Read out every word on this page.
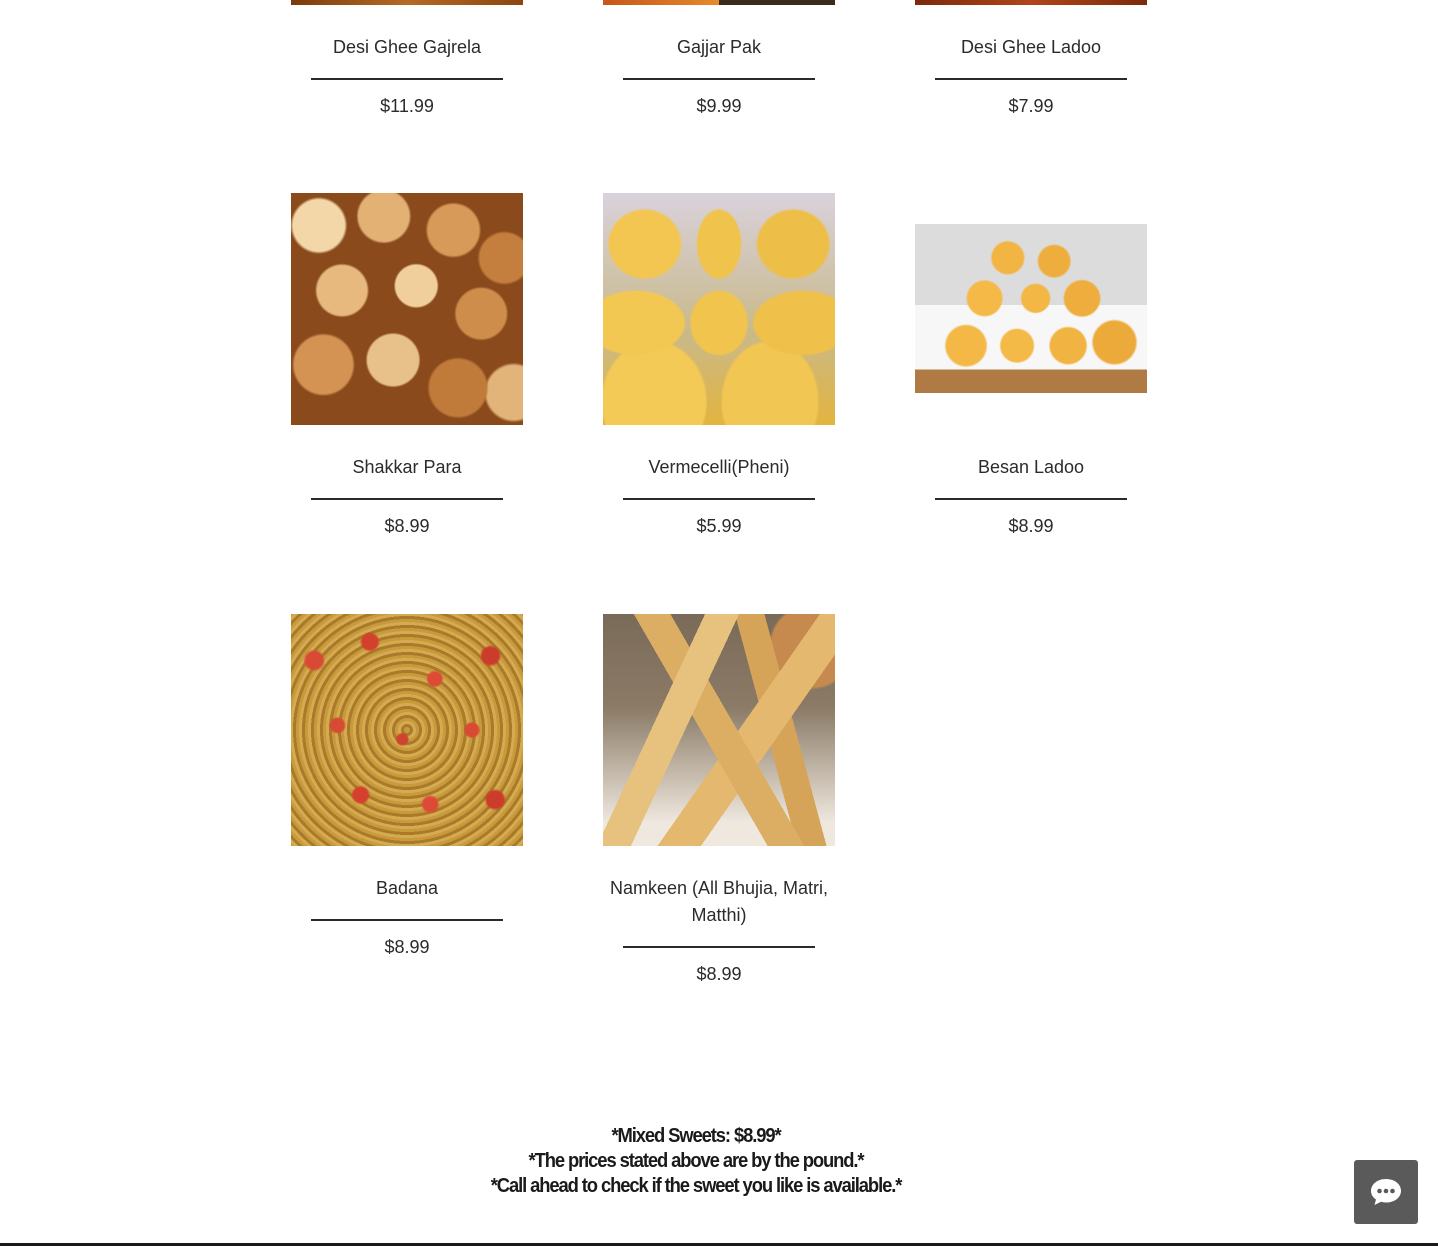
Desi Ghee Gajrela
$11.99
Gajjar Pak
$9.99
Desi Ghee Ladoo
$7.99
Shakkar Para
$8.99
Vermecelli(Pheni)
$5.99
Besan Ladoo
$8.99
Badana
$8.99
Namkeen (All Bhujia, Matri, Matthi)
$8.99
*Mixed Sweets: $8.99*
*The prices stated above are by the pound.*
*Call ahead to check if the sweet you like is available.*
